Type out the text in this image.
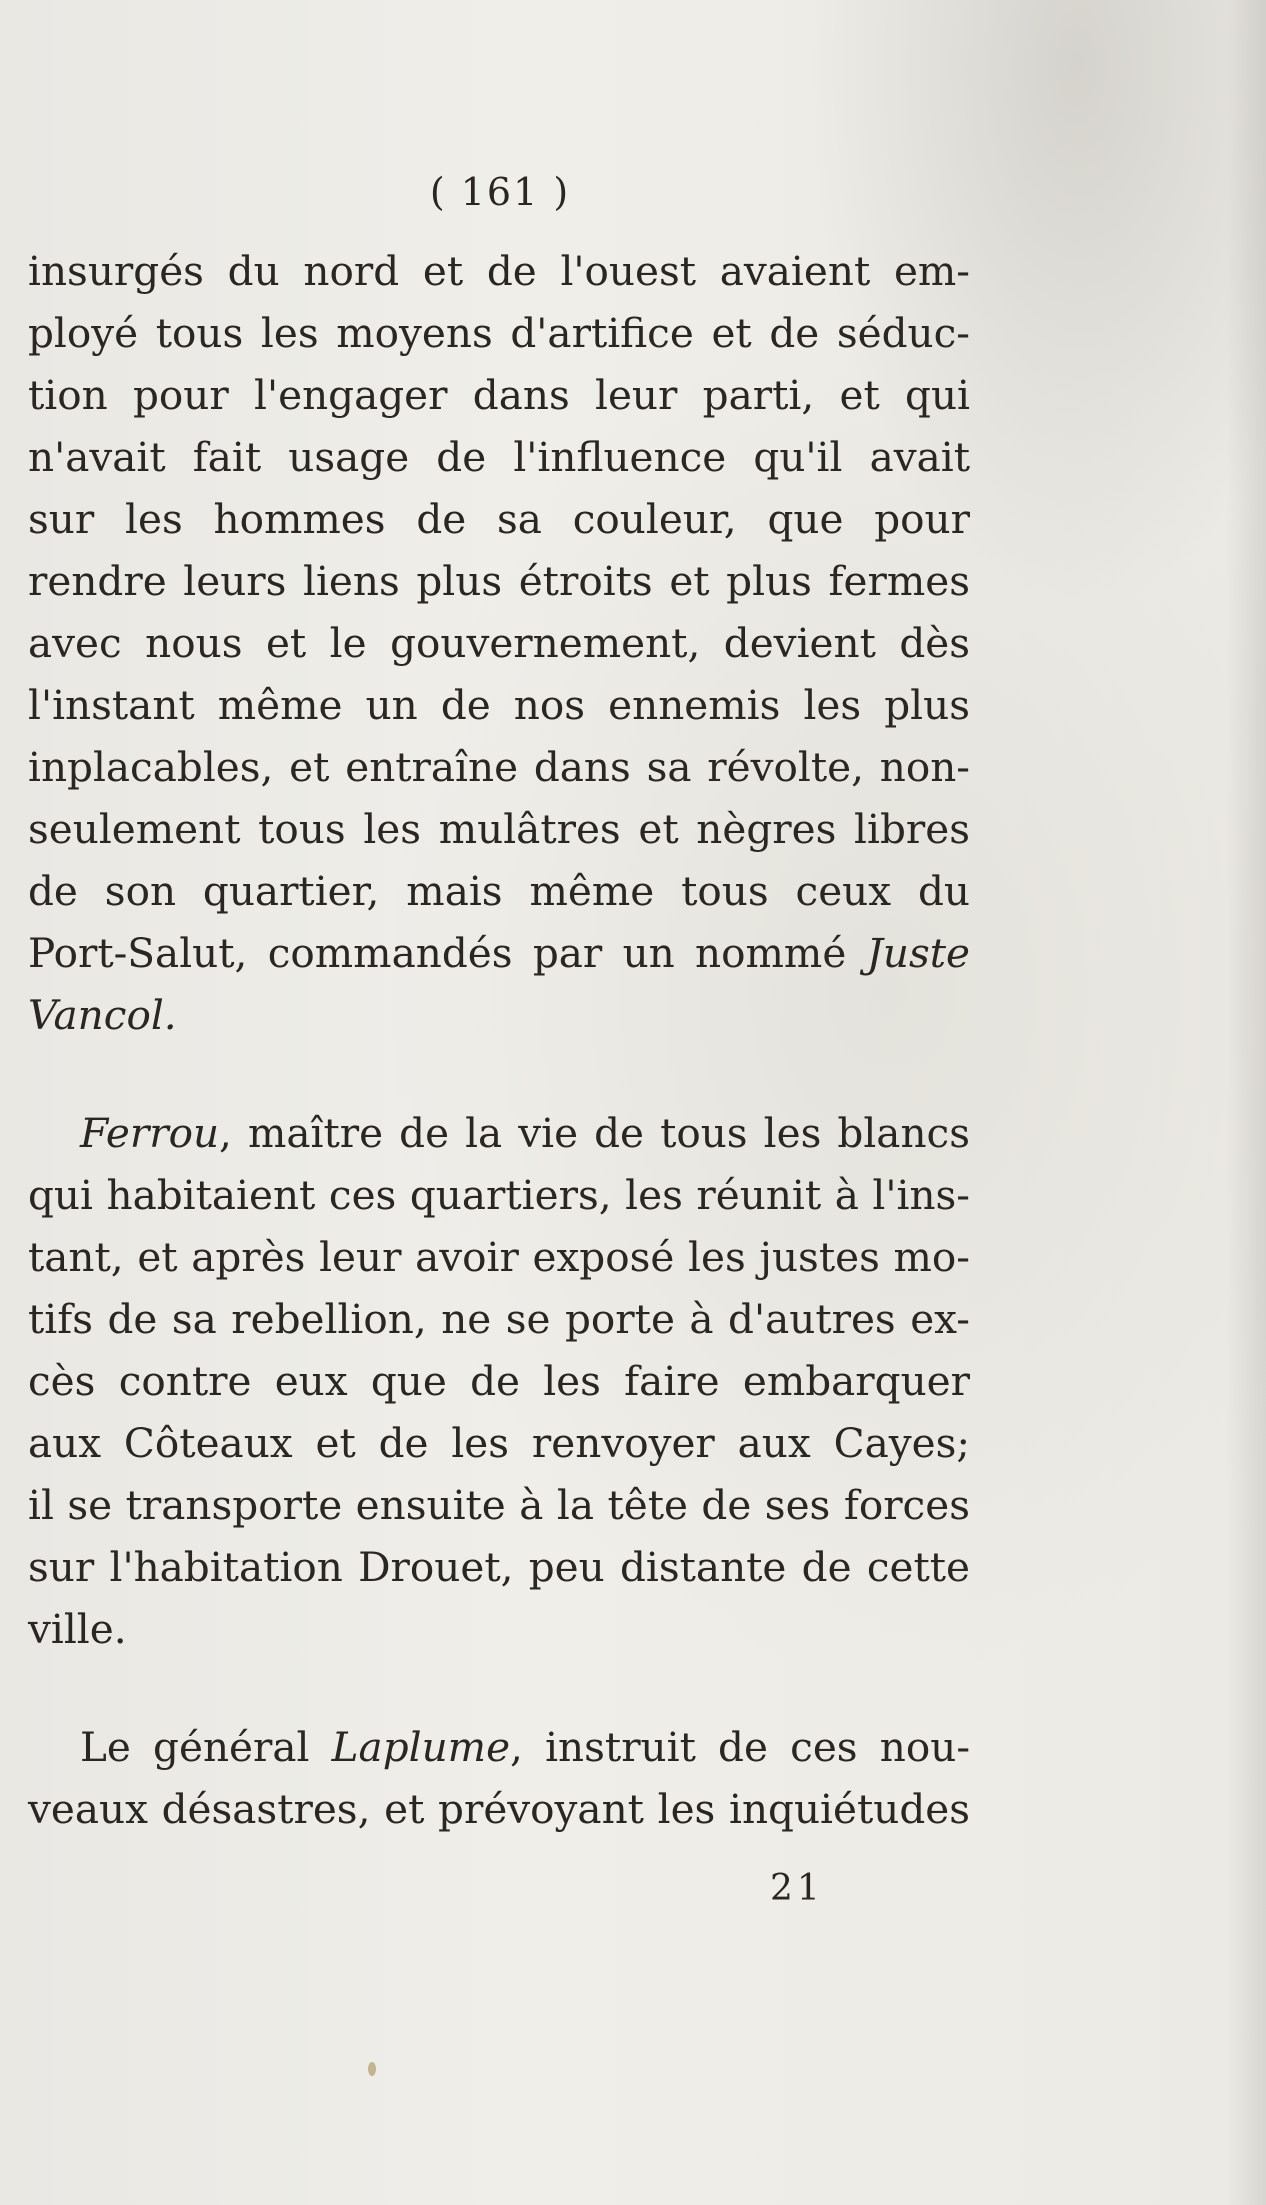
( 161 )
insurgés du nord et de l'ouest avaient em-
ployé tous les moyens d'artifice et de séduc-
tion pour l'engager dans leur parti, et qui
n'avait fait usage de l'influence qu'il avait
sur les hommes de sa couleur, que pour
rendre leurs liens plus étroits et plus fermes
avec nous et le gouvernement, devient dès
l'instant même un de nos ennemis les plus
inplacables, et entraîne dans sa révolte, non-
seulement tous les mulâtres et nègres libres
de son quartier, mais même tous ceux du
Port-Salut, commandés par un nommé Juste
Vancol.
Ferrou, maître de la vie de tous les blancs
qui habitaient ces quartiers, les réunit à l'ins-
tant, et après leur avoir exposé les justes mo-
tifs de sa rebellion, ne se porte à d'autres ex-
cès contre eux que de les faire embarquer
aux Côteaux et de les renvoyer aux Cayes;
il se transporte ensuite à la tête de ses forces
sur l'habitation Drouet, peu distante de cette
ville.
Le général Laplume, instruit de ces nou-
veaux désastres, et prévoyant les inquiétudes
21
